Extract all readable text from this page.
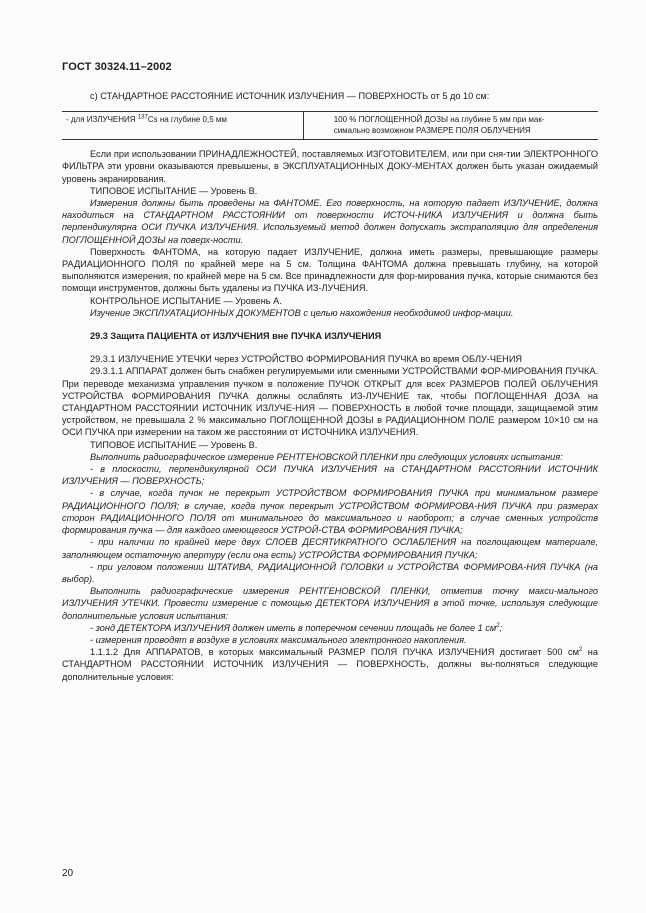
ГОСТ 30324.11–2002

c) СТАНДАРТНОЕ РАССТОЯНИЕ ИСТОЧНИК ИЗЛУЧЕНИЯ — ПОВЕРХНОСТЬ от 5 до 10 см:

- для ИЗЛУЧЕНИЯ $^{137}$Cs на глубине 0,5 мм	100 % ПОГЛОЩЕННОЙ ДОЗЫ на глубине 5 мм при мак-
симально возможном РАЗМЕРЕ ПОЛЯ ОБЛУЧЕНИЯ

Если при использовании ПРИНАДЛЕЖНОСТЕЙ, поставляемых ИЗГОТОВИТЕЛЕМ, или при сня-тии ЭЛЕКТРОННОГО ФИЛЬТРА эти уровни оказываются превышены, в ЭКСПЛУАТАЦИОННЫХ ДОКУ-МЕНТАХ должен быть указан ожидаемый уровень экранирования.

ТИПОВОЕ ИСПЫТАНИЕ — Уровень В.

Измерения должны быть проведены на ФАНТОМЕ. Его поверхность, на которую падает ИЗЛУЧЕНИЕ, должна находиться на СТАНДАРТНОМ РАССТОЯНИИ от поверхности ИСТОЧ-НИКА ИЗЛУЧЕНИЯ и должна быть перпендикулярна ОСИ ПУЧКА ИЗЛУЧЕНИЯ. Используемый метод должен допускать экстраполяцию для определения ПОГЛОЩЕННОЙ ДОЗЫ на поверх-ности.

Поверхность ФАНТОМА, на которую падает ИЗЛУЧЕНИЕ, должна иметь размеры, превышающие размеры РАДИАЦИОННОГО ПОЛЯ по крайней мере на 5 см. Толщина ФАНТОМА должна превышать глубину, на которой выполняются измерения, по крайней мере на 5 см. Все принадлежности для фор-мирования пучка, которые снимаются без помощи инструментов, должны быть удалены из ПУЧКА ИЗ-ЛУЧЕНИЯ.

КОНТРОЛЬНОЕ ИСПЫТАНИЕ — Уровень А.

Изучение ЭКСПЛУАТАЦИОННЫХ ДОКУМЕНТОВ с целью нахождения необходимой инфор-мации.

29.3 Защита ПАЦИЕНТА от ИЗЛУЧЕНИЯ вне ПУЧКА ИЗЛУЧЕНИЯ

29.3.1 ИЗЛУЧЕНИЕ УТЕЧКИ через УСТРОЙСТВО ФОРМИРОВАНИЯ ПУЧКА во время ОБЛУ-ЧЕНИЯ

29.3.1.1 АППАРАТ должен быть снабжен регулируемыми или сменными УСТРОЙСТВАМИ ФОР-МИРОВАНИЯ ПУЧКА. При переводе механизма управления пучком в положение ПУЧОК ОТКРЫТ для всех РАЗМЕРОВ ПОЛЕЙ ОБЛУЧЕНИЯ УСТРОЙСТВА ФОРМИРОВАНИЯ ПУЧКА должны ослаблять ИЗ-ЛУЧЕНИЕ так, чтобы ПОГЛОЩЕННАЯ ДОЗА на СТАНДАРТНОМ РАССТОЯНИИ ИСТОЧНИК ИЗЛУЧЕ-НИЯ — ПОВЕРХНОСТЬ в любой точке площади, защищаемой этим устройством, не превышала 2 % максимально ПОГЛОЩЕННОЙ ДОЗЫ в РАДИАЦИОННОМ ПОЛЕ размером 10×10 см на ОСИ ПУЧКА при измерении на таком же расстоянии от ИСТОЧНИКА ИЗЛУЧЕНИЯ.

ТИПОВОЕ ИСПЫТАНИЕ — Уровень В.

Выполнить радиографическое измерение РЕНТГЕНОВСКОЙ ПЛЕНКИ при следующих условиях испытания:

- в плоскости, перпендикулярной ОСИ ПУЧКА ИЗЛУЧЕНИЯ на СТАНДАРТНОМ РАССТОЯНИИ ИСТОЧНИК ИЗЛУЧЕНИЯ — ПОВЕРХНОСТЬ;

- в случае, когда пучок не перекрыт УСТРОЙСТВОМ ФОРМИРОВАНИЯ ПУЧКА при минимальном размере РАДИАЦИОННОГО ПОЛЯ; в случае, когда пучок перекрыт УСТРОЙСТВОМ ФОРМИРОВА-НИЯ ПУЧКА при размерах сторон РАДИАЦИОННОГО ПОЛЯ от минимального до максимального и наоборот; в случае сменных устройств формирования пучка — для каждого имеющегося УСТРОЙ-СТВА ФОРМИРОВАНИЯ ПУЧКА;

- при наличии по крайней мере двух СЛОЕВ ДЕСЯТИКРАТНОГО ОСЛАБЛЕНИЯ на поглощающем материале, заполняющем остаточную апертуру (если она есть) УСТРОЙСТВА ФОРМИРОВАНИЯ ПУЧКА;

- при угловом положении ШТАТИВА, РАДИАЦИОННОЙ ГОЛОВКИ и УСТРОЙСТВА ФОРМИРОВА-НИЯ ПУЧКА (на выбор).

Выполнить радиографические измерения РЕНТГЕНОВСКОЙ ПЛЕНКИ, отметив точку макси-мального ИЗЛУЧЕНИЯ УТЕЧКИ. Провести измерение с помощью ДЕТЕКТОРА ИЗЛУЧЕНИЯ в этой точке, используя следующие дополнительные условия испытания:

- зонд ДЕТЕКТОРА ИЗЛУЧЕНИЯ должен иметь в поперечном сечении площадь не более 1 $см^2$;

- измерения проводят в воздухе в условиях максимального электронного накопления.

1.1.1.2 Для АППАРАТОВ, в которых максимальный РАЗМЕР ПОЛЯ ПУЧКА ИЗЛУЧЕНИЯ достигает 500 $см^2$ на СТАНДАРТНОМ РАССТОЯНИИ ИСТОЧНИК ИЗЛУЧЕНИЯ — ПОВЕРХНОСТЬ, должны вы-полняться следующие дополнительные условия:

20
